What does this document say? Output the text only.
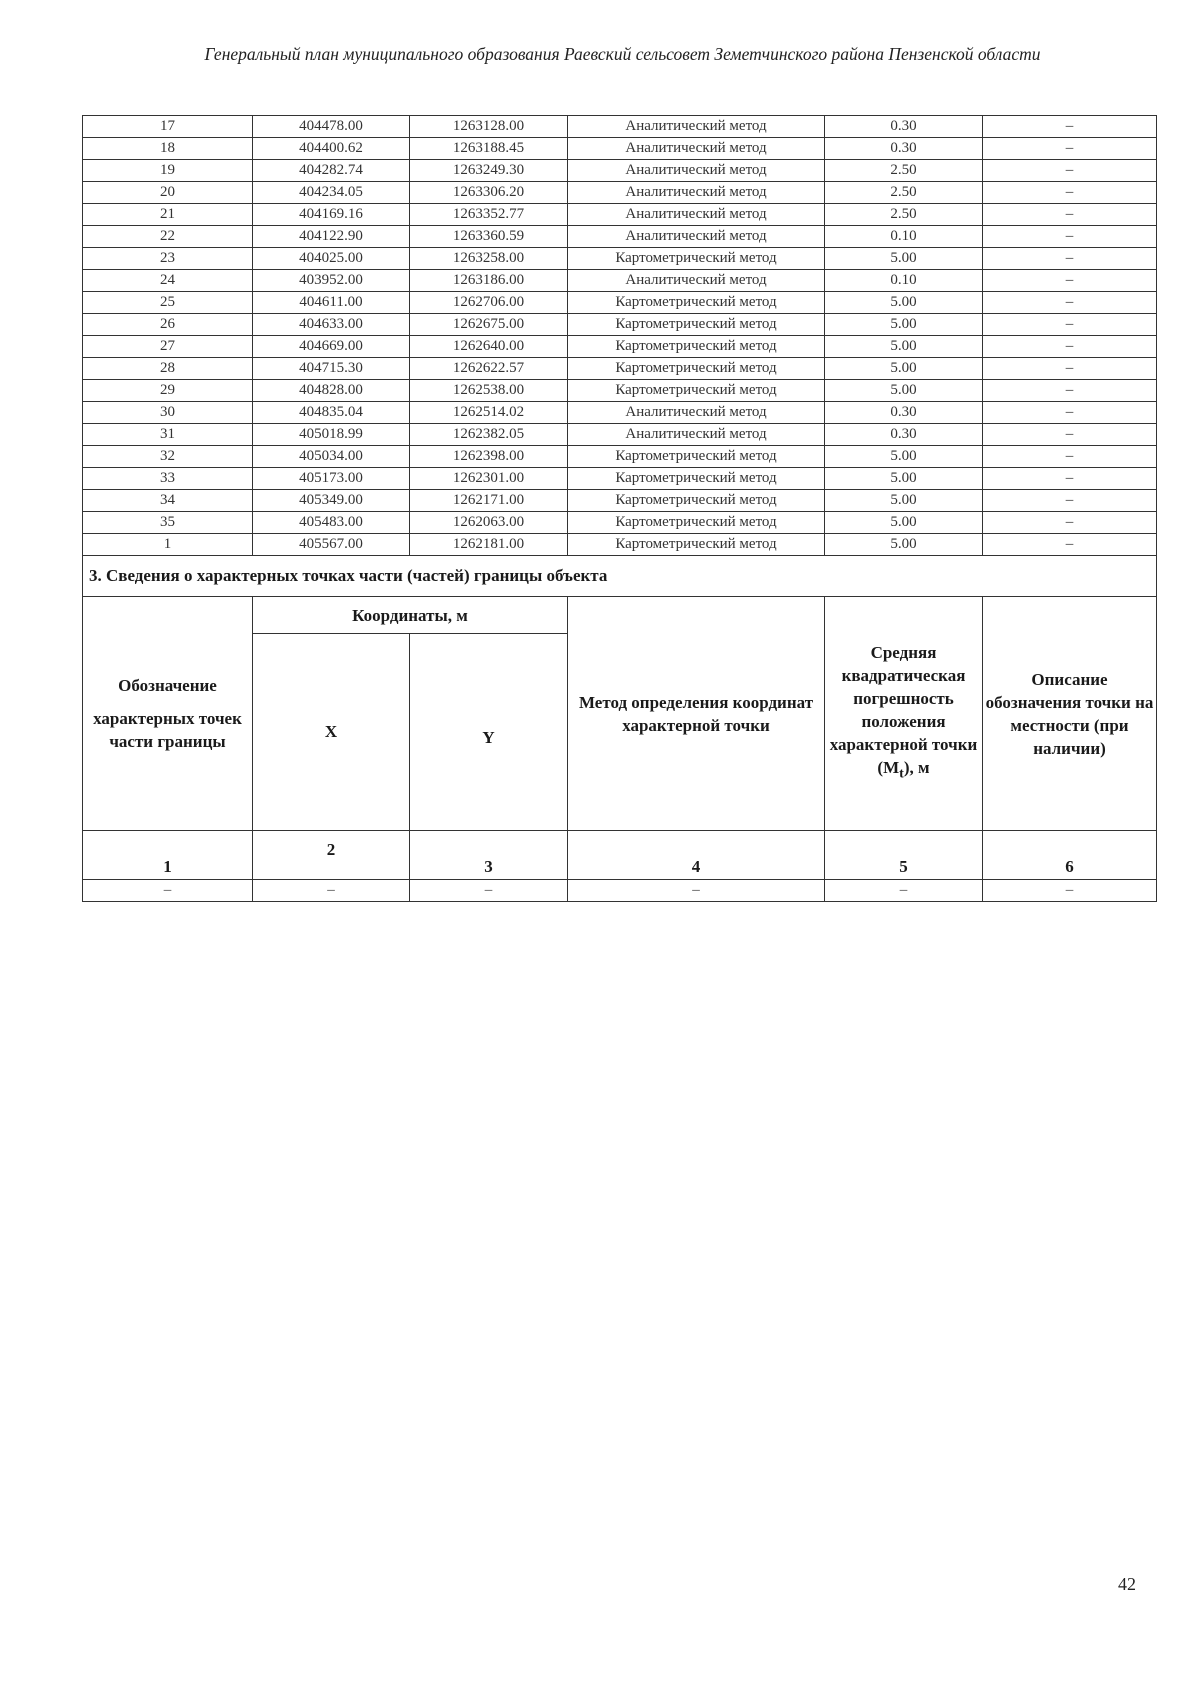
Генеральный план муниципального образования Раевский сельсовет Земетчинского района Пензенской области
17	404478.00	1263128.00	Аналитический метод	0.30	–
18	404400.62	1263188.45	Аналитический метод	0.30	–
19	404282.74	1263249.30	Аналитический метод	2.50	–
20	404234.05	1263306.20	Аналитический метод	2.50	–
21	404169.16	1263352.77	Аналитический метод	2.50	–
22	404122.90	1263360.59	Аналитический метод	0.10	–
23	404025.00	1263258.00	Картометрический метод	5.00	–
24	403952.00	1263186.00	Аналитический метод	0.10	–
25	404611.00	1262706.00	Картометрический метод	5.00	–
26	404633.00	1262675.00	Картометрический метод	5.00	–
27	404669.00	1262640.00	Картометрический метод	5.00	–
28	404715.30	1262622.57	Картометрический метод	5.00	–
29	404828.00	1262538.00	Картометрический метод	5.00	–
30	404835.04	1262514.02	Аналитический метод	0.30	–
31	405018.99	1262382.05	Аналитический метод	0.30	–
32	405034.00	1262398.00	Картометрический метод	5.00	–
33	405173.00	1262301.00	Картометрический метод	5.00	–
34	405349.00	1262171.00	Картометрический метод	5.00	–
35	405483.00	1262063.00	Картометрический метод	5.00	–
1	405567.00	1262181.00	Картометрический метод	5.00	–
3. Сведения о характерных точках части (частей) границы объекта					

Обозначение
характерных точек части границы	Координаты, м		Метод определения координат характерной точки	Средняя квадратическая погрешность положения характерной точки $(M_t)$, м	Описание обозначения точки на местности (при наличии)
	X	Y			
1	2	3	4	5	6
–	–	–	–	–	–
42
